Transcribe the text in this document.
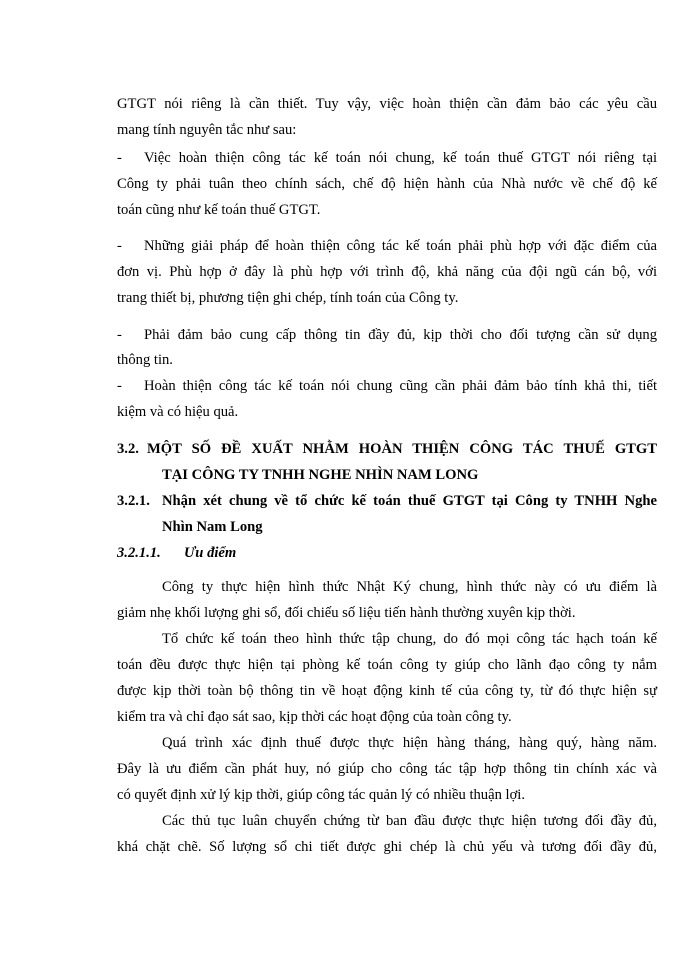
GTGT nói riêng là cần thiết. Tuy vậy, việc hoàn thiện cần đảm bảo các yêu cầu
mang tính nguyên tắc như sau:
- Việc hoàn thiện công tác kế toán nói chung, kế toán thuế GTGT nói riêng tại
Công ty phải tuân theo chính sách, chế độ hiện hành của Nhà nước về chế độ kế
toán cũng như kế toán thuế GTGT.
- Những giải pháp để hoàn thiện công tác kế toán phải phù hợp với đặc điểm của
đơn vị. Phù hợp ở đây là phù hợp với trình độ, khả năng của đội ngũ cán bộ, với
trang thiết bị, phương tiện ghi chép, tính toán của Công ty.
- Phải đảm bảo cung cấp thông tin đầy đủ, kịp thời cho đối tượng cần sử dụng
thông tin.
- Hoàn thiện công tác kế toán nói chung cũng cần phải đảm bảo tính khả thi, tiết
kiệm và có hiệu quả.
3.2. MỘT SỐ ĐỀ XUẤT NHẰM HOÀN THIỆN CÔNG TÁC THUẾ GTGT
TẠI CÔNG TY TNHH NGHE NHÌN NAM LONG
3.2.1. Nhận xét chung về tổ chức kế toán thuế GTGT tại Công ty TNHH Nghe
Nhìn Nam Long
3.2.1.1.	Ưu điểm
Công ty thực hiện hình thức Nhật Ký chung, hình thức này có ưu điểm là
giảm nhẹ khối lượng ghi sổ, đối chiếu số liệu tiến hành thường xuyên kịp thời.
Tổ chức kế toán theo hình thức tập chung, do đó mọi công tác hạch toán kế
toán đều được thực hiện tại phòng kế toán công ty giúp cho lãnh đạo công ty nắm
được kịp thời toàn bộ thông tin về hoạt động kinh tế của công ty, từ đó thực hiện sự
kiểm tra và chỉ đạo sát sao, kịp thời các hoạt động của toàn công ty.
Quá trình xác định thuế được thực hiện hàng tháng, hàng quý, hàng năm.
Đây là ưu điểm cần phát huy, nó giúp cho công tác tập hợp thông tin chính xác và
có quyết định xử lý kịp thời, giúp công tác quản lý có nhiều thuận lợi.
Các thủ tục luân chuyển chứng từ ban đầu được thực hiện tương đối đầy đủ,
khá chặt chẽ. Số lượng sổ chi tiết được ghi chép là chủ yếu và tương đối đầy đủ,
